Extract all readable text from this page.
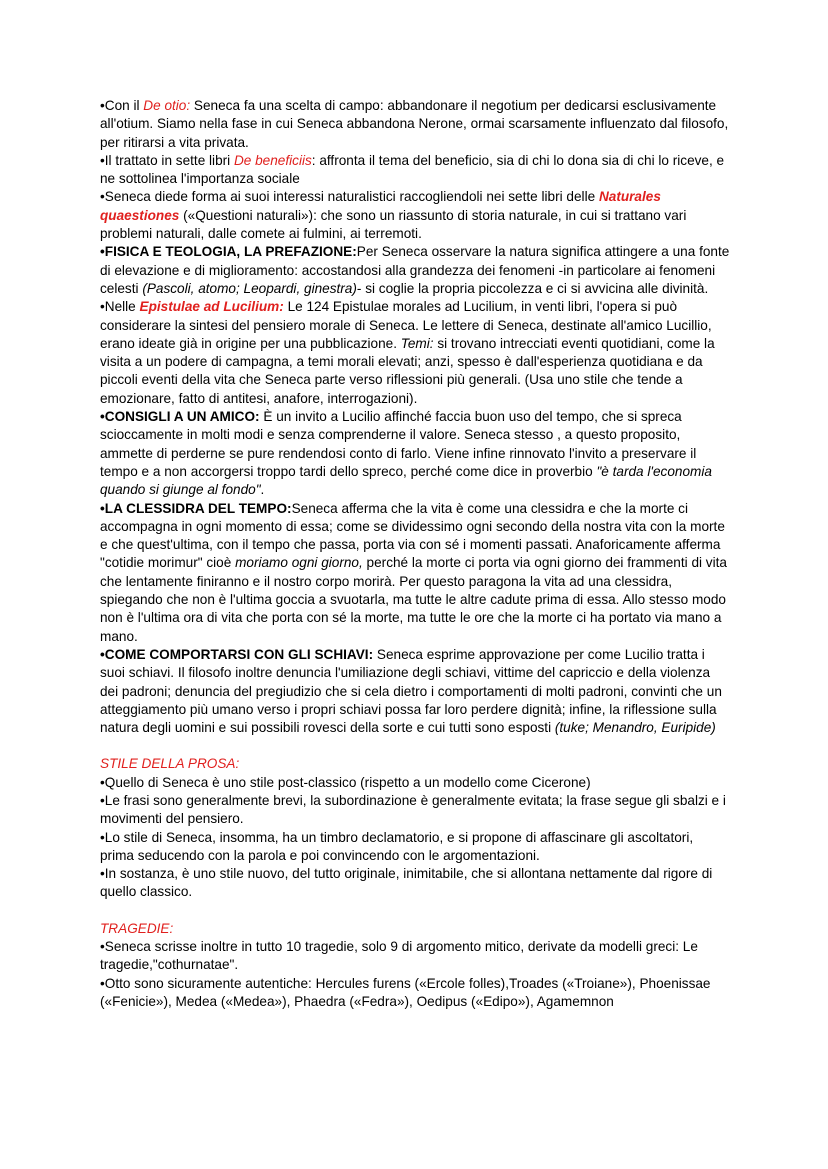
•Con il De otio: Seneca fa una scelta di campo: abbandonare il negotium per dedicarsi esclusivamente all'otium. Siamo nella fase in cui Seneca abbandona Nerone, ormai scarsamente influenzato dal filosofo, per ritirarsi a vita privata.

•Il trattato in sette libri De beneficiis: affronta il tema del beneficio, sia di chi lo dona sia di chi lo riceve, e ne sottolinea l'importanza sociale

•Seneca diede forma ai suoi interessi naturalistici raccogliendoli nei sette libri delle Naturales quaestiones («Questioni naturali»): che sono un riassunto di storia naturale, in cui si trattano vari problemi naturali, dalle comete ai fulmini, ai terremoti.

•FISICA E TEOLOGIA, LA PREFAZIONE:Per Seneca osservare la natura significa attingere a una fonte di elevazione e di miglioramento: accostandosi alla grandezza dei fenomeni -in particolare ai fenomeni celesti (Pascoli, atomo; Leopardi, ginestra)- si coglie la propria piccolezza e ci si avvicina alle divinità.

•Nelle Epistulae ad Lucilium: Le 124 Epistulae morales ad Lucilium, in venti libri, l'opera si può considerare la sintesi del pensiero morale di Seneca. Le lettere di Seneca, destinate all'amico Lucillio, erano ideate già in origine per una pubblicazione. Temi: si trovano intrecciati eventi quotidiani, come la visita a un podere di campagna, a temi morali elevati; anzi, spesso è dall'esperienza quotidiana e da piccoli eventi della vita che Seneca parte verso riflessioni più generali. (Usa uno stile che tende a emozionare, fatto di antitesi, anafore, interrogazioni).

•CONSIGLI A UN AMICO: È un invito a Lucilio affinché faccia buon uso del tempo, che si spreca scioccamente in molti modi e senza comprenderne il valore. Seneca stesso , a questo proposito, ammette di perderne se pure rendendosi conto di farlo. Viene infine rinnovato l'invito a preservare il tempo e a non accorgersi troppo tardi dello spreco, perché come dice in proverbio "è tarda l'economia quando si giunge al fondo".

•LA CLESSIDRA DEL TEMPO:Seneca afferma che la vita è come una clessidra e che la morte ci accompagna in ogni momento di essa; come se dividessimo ogni secondo della nostra vita con la morte e che quest'ultima, con il tempo che passa, porta via con sé i momenti passati. Anaforicamente afferma "cotidie morimur" cioè moriamo ogni giorno, perché la morte ci porta via ogni giorno dei frammenti di vita che lentamente finiranno e il nostro corpo morirà. Per questo paragona la vita ad una clessidra, spiegando che non è l'ultima goccia a svuotarla, ma tutte le altre cadute prima di essa. Allo stesso modo non è l'ultima ora di vita che porta con sé la morte, ma tutte le ore che la morte ci ha portato via mano a mano.

•COME COMPORTARSI CON GLI SCHIAVI: Seneca esprime approvazione per come Lucilio tratta i suoi schiavi. Il filosofo inoltre denuncia l'umiliazione degli schiavi, vittime del capriccio e della violenza dei padroni; denuncia del pregiudizio che si cela dietro i comportamenti di molti padroni, convinti che un atteggiamento più umano verso i propri schiavi possa far loro perdere dignità; infine, la riflessione sulla natura degli uomini e sui possibili rovesci della sorte e cui tutti sono esposti (tuke; Menandro, Euripide)

STILE DELLA PROSA:

•Quello di Seneca è uno stile post-classico (rispetto a un modello come Cicerone)

•Le frasi sono generalmente brevi, la subordinazione è generalmente evitata; la frase segue gli sbalzi e i movimenti del pensiero.

•Lo stile di Seneca, insomma, ha un timbro declamatorio, e si propone di affascinare gli ascoltatori, prima seducendo con la parola e poi convincendo con le argomentazioni.

•In sostanza, è uno stile nuovo, del tutto originale, inimitabile, che si allontana nettamente dal rigore di quello classico.

TRAGEDIE:

•Seneca scrisse inoltre in tutto 10 tragedie, solo 9 di argomento mitico, derivate da modelli greci: Le tragedie,"cothurnatae".

•Otto sono sicuramente autentiche: Hercules furens («Ercole folles),Troades («Troiane»), Phoenissae («Fenicie»), Medea («Medea»), Phaedra («Fedra»), Oedipus («Edipo»), Agamemnon
